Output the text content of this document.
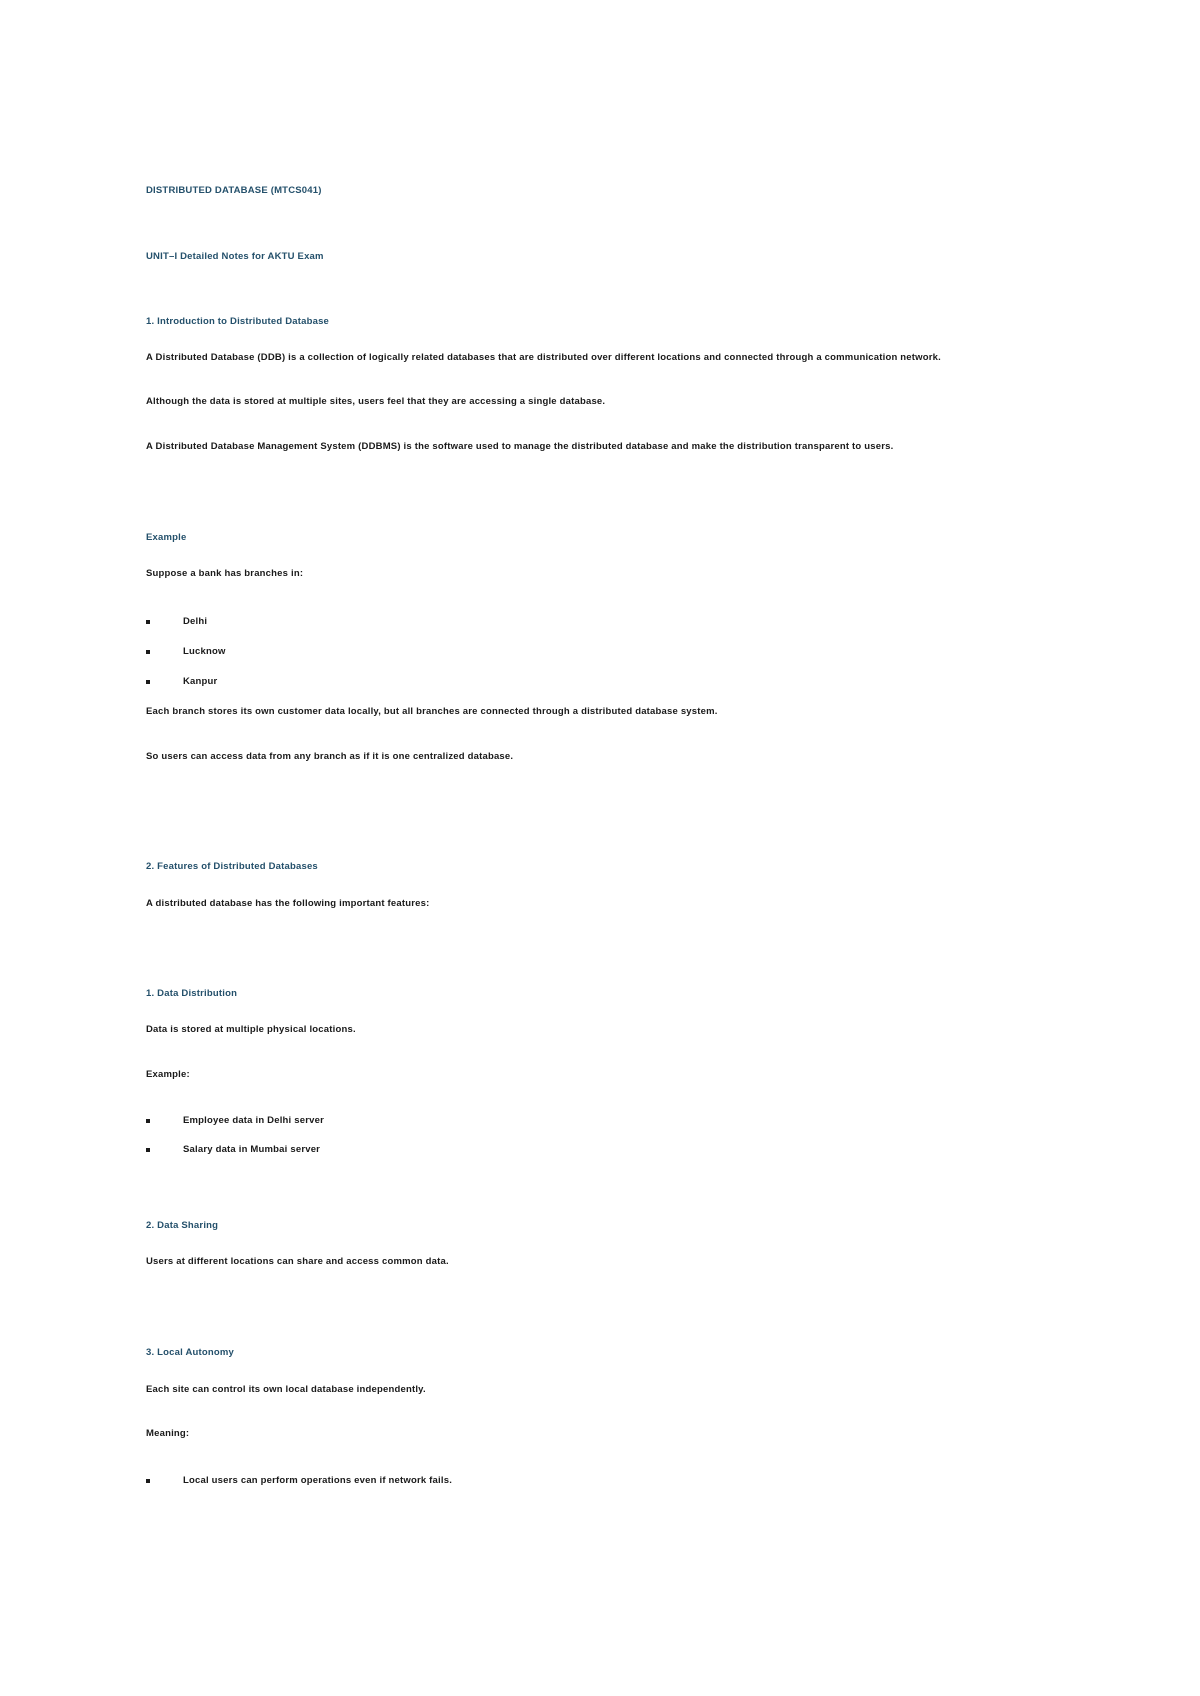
DISTRIBUTED DATABASE (MTCS041)
UNIT–I Detailed Notes for AKTU Exam
1. Introduction to Distributed Database
A Distributed Database (DDB) is a collection of logically related databases that are distributed over different locations and connected through a communication network.
Although the data is stored at multiple sites, users feel that they are accessing a single database.
A Distributed Database Management System (DDBMS) is the software used to manage the distributed database and make the distribution transparent to users.
Example
Suppose a bank has branches in:
Delhi
Lucknow
Kanpur
Each branch stores its own customer data locally, but all branches are connected through a distributed database system.
So users can access data from any branch as if it is one centralized database.
2. Features of Distributed Databases
A distributed database has the following important features:
1. Data Distribution
Data is stored at multiple physical locations.
Example:
Employee data in Delhi server
Salary data in Mumbai server
2. Data Sharing
Users at different locations can share and access common data.
3. Local Autonomy
Each site can control its own local database independently.
Meaning:
Local users can perform operations even if network fails.
